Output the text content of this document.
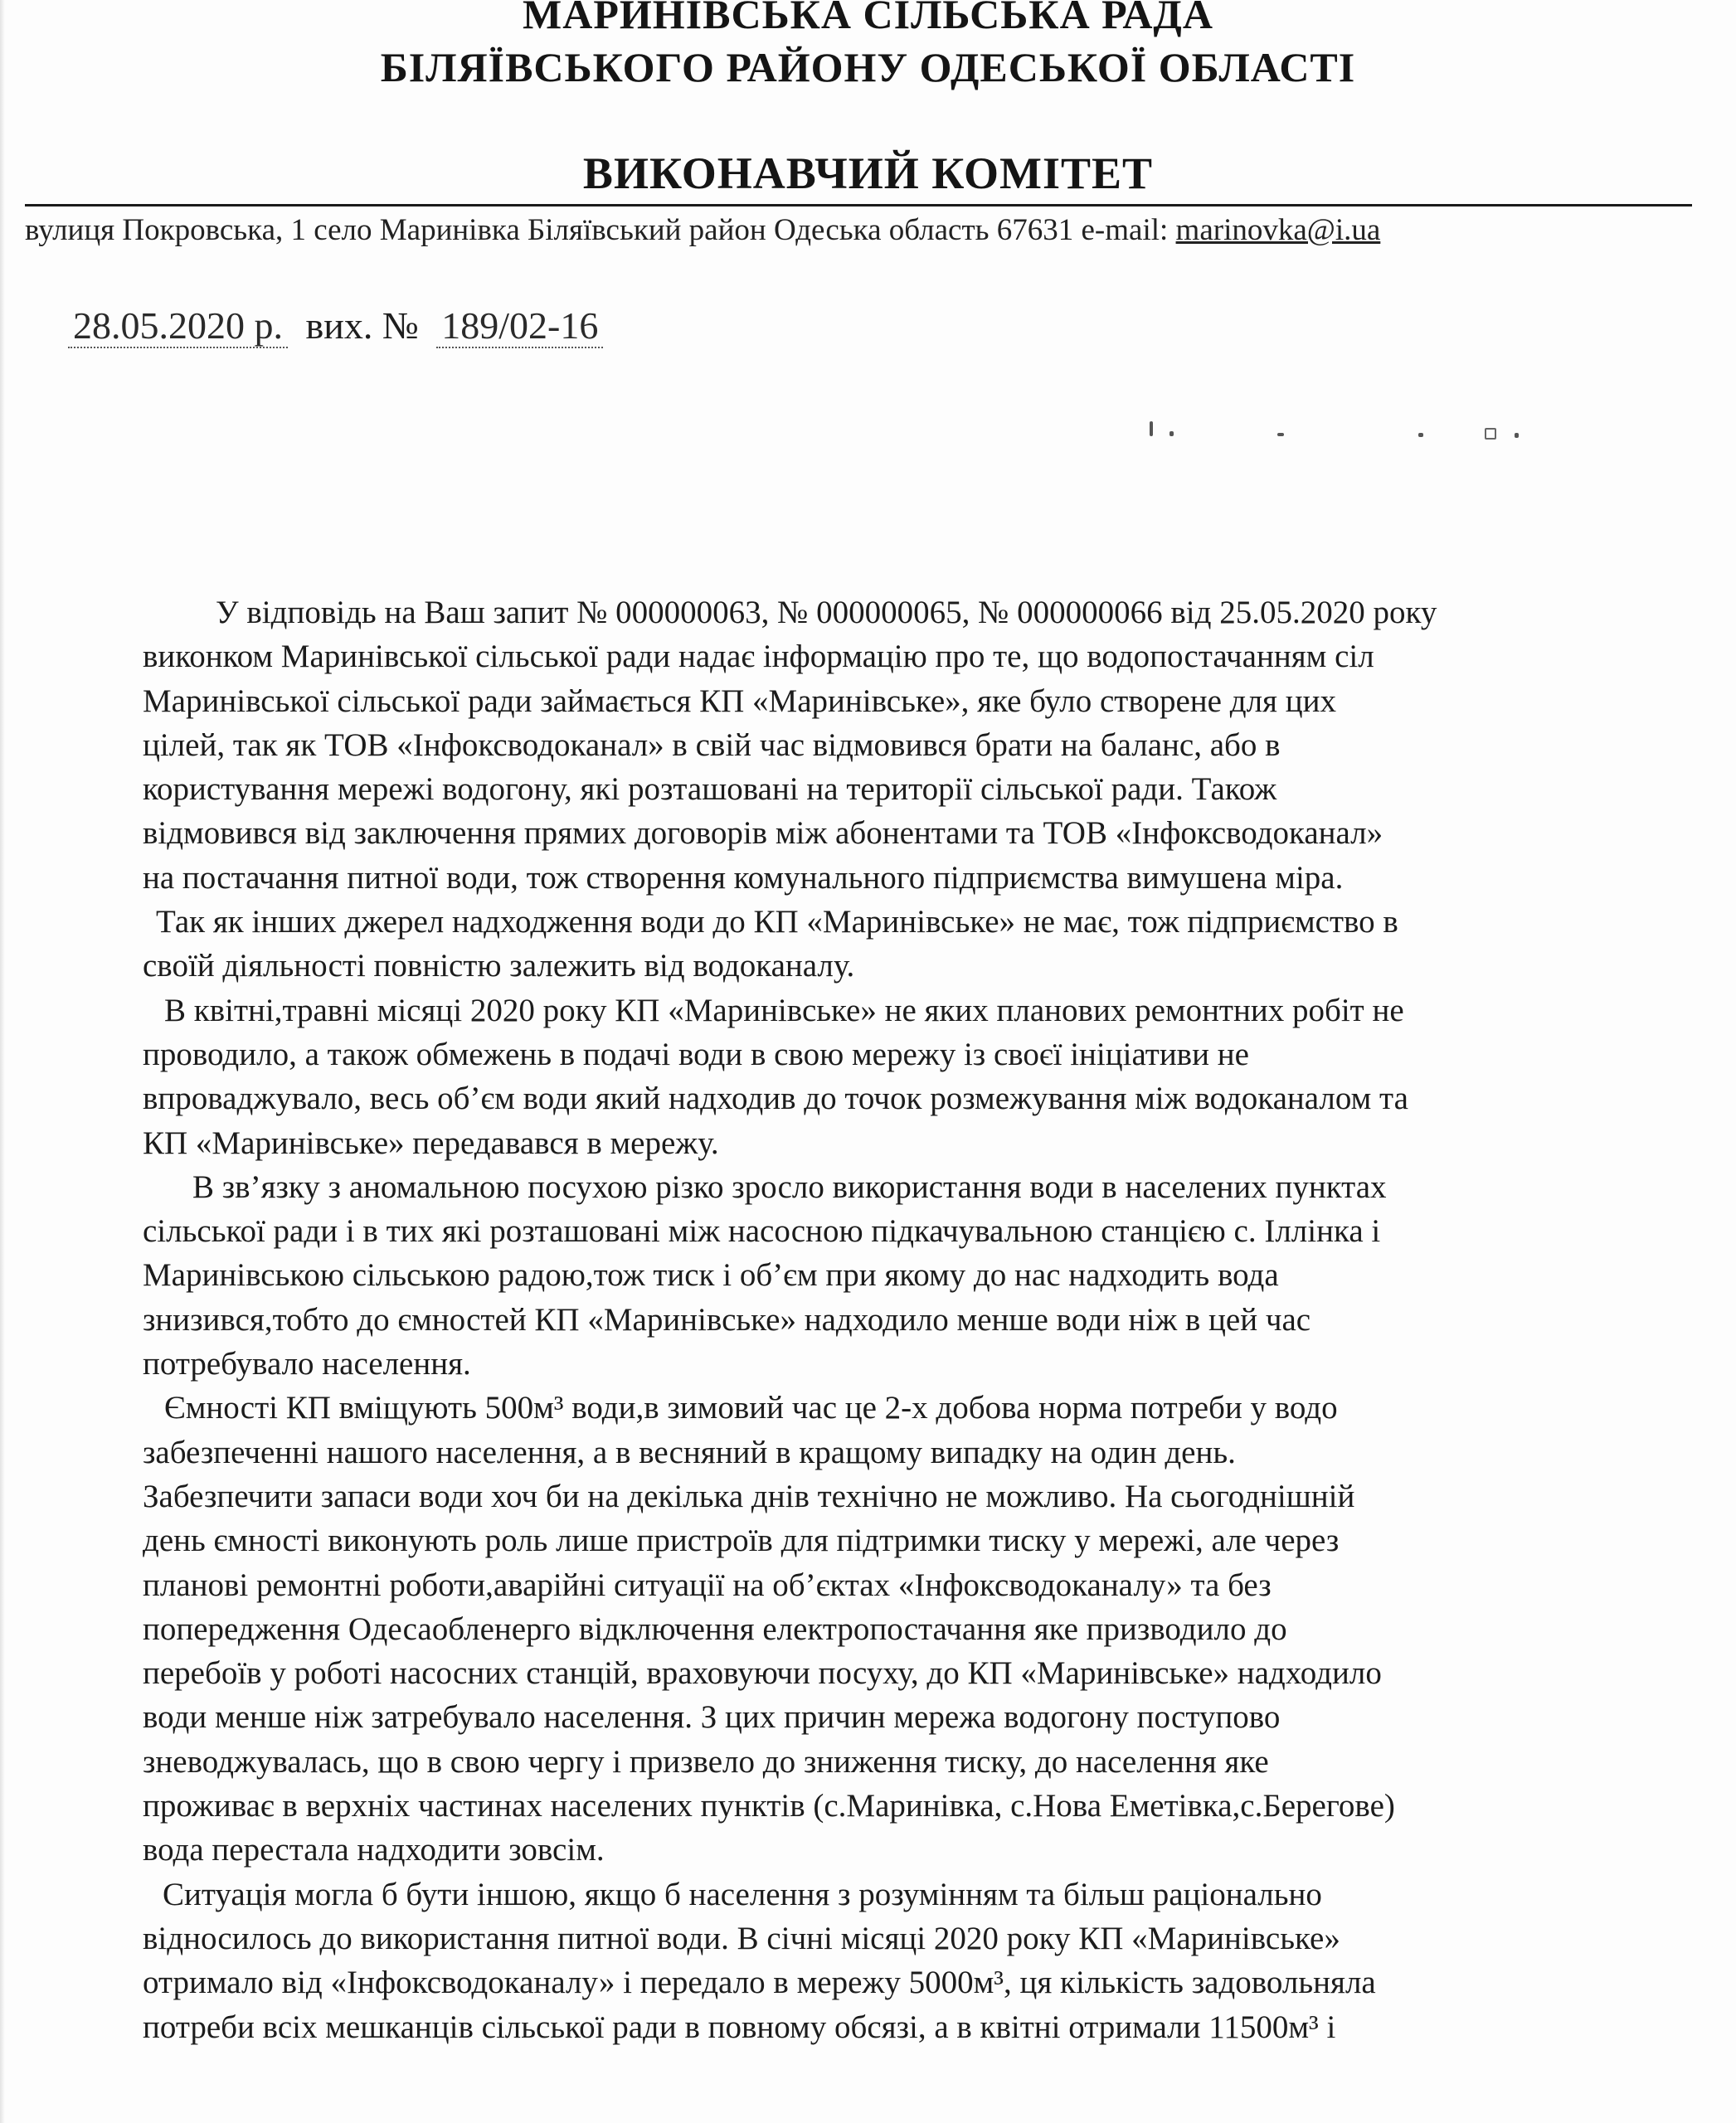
МАРИНІВСЬКА СІЛЬСЬКА РАДА
БІЛЯЇВСЬКОГО РАЙОНУ ОДЕСЬКОЇ ОБЛАСТІ
ВИКОНАВЧИЙ КОМІТЕТ
вулиця Покровська, 1 село Маринівка Біляївський район Одеська область 67631 e-mail: marinovka@i.ua
28.05.2020 р. вих. № 189/02-16
У відповідь на Ваш запит № 000000063, № 000000065, № 000000066 від 25.05.2020 року
виконком Маринівської сільської ради надає інформацію про те, що водопостачанням сіл
Маринівської сільської ради займається КП «Маринівське», яке було створене для цих
цілей, так як ТОВ «Інфоксводоканал» в свій час відмовився брати на баланс, або в
користування мережі водогону, які розташовані на території сільської ради. Також
відмовився від заключення прямих договорів між абонентами та ТОВ «Інфоксводоканал»
на постачання питної води, тож створення комунального підприємства вимушена міра.
Так як інших джерел надходження води до КП «Маринівське» не має, тож підприємство в
своїй діяльності повністю залежить від водоканалу.
В квітні,травні місяці 2020 року КП «Маринівське» не яких планових ремонтних робіт не
проводило, а також обмежень в подачі води в свою мережу із своєї ініціативи не
впроваджувало, весь об’єм води який надходив до точок розмежування між водоканалом та
КП «Маринівське» передавався в мережу.
В зв’язку з аномальною посухою різко зросло використання води в населених пунктах
сільської ради і в тих які розташовані між насосною підкачувальною станцією с. Іллінка і
Маринівською сільською радою,тож тиск і об’єм при якому до нас надходить вода
знизився,тобто до ємностей КП «Маринівське» надходило менше води ніж в цей час
потребувало населення.
Ємності КП вміщують 500м³ води,в зимовий час це 2-х добова норма потреби у водо
забезпеченні нашого населення, а в весняний в кращому випадку на один день.
Забезпечити запаси води хоч би на декілька днів технічно не можливо. На сьогоднішній
день ємності виконують роль лише пристроїв для підтримки тиску у мережі, але через
планові ремонтні роботи,аварійні ситуації на об’єктах «Інфоксводоканалу» та без
попередження Одесаобленерго відключення електропостачання яке призводило до
перебоїв у роботі насосних станцій, враховуючи посуху, до КП «Маринівське» надходило
води менше ніж затребувало населення. З цих причин мережа водогону поступово
зневоджувалась, що в свою чергу і призвело до зниження тиску, до населення яке
проживає в верхніх частинах населених пунктів (с.Маринівка, с.Нова Еметівка,с.Берегове)
вода перестала надходити зовсім.
Ситуація могла б бути іншою, якщо б населення з розумінням та більш раціонально
відносилось до використання питної води. В січні місяці 2020 року КП «Маринівське»
отримало від «Інфоксводоканалу» і передало в мережу 5000м³, ця кількість задовольняла
потреби всіх мешканців сільської ради в повному обсязі, а в квітні отримали 11500м³ і
